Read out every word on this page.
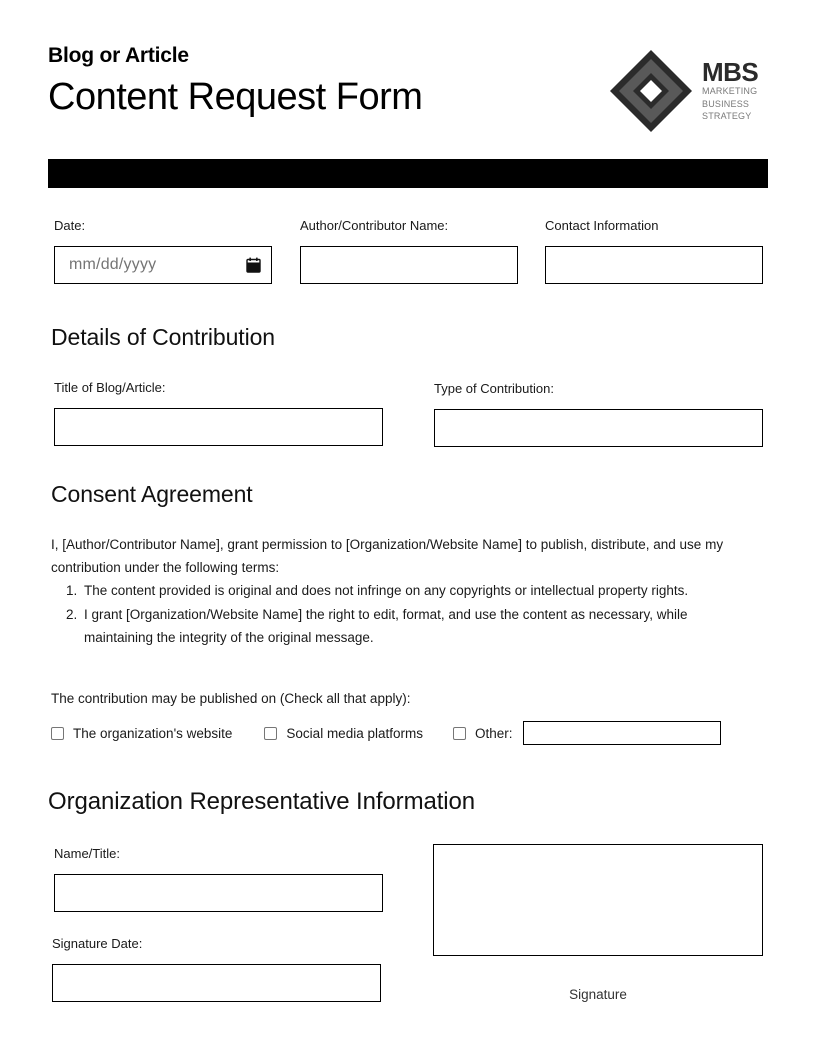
Blog or Article
Content Request Form
MBS
MARKETING
BUSINESS
STRATEGY
Date:
mm/dd/yyyy
Author/Contributor Name:	Contact Information
Details of Contribution
Title of Blog/Article:	Type of Contribution:
Consent Agreement

I, [Author/Contributor Name], grant permission to [Organization/Website Name] to publish, distribute, and use my contribution under the following terms:

1. The content provided is original and does not infringe on any copyrights or intellectual property rights.
2. I grant [Organization/Website Name] the right to edit, format, and use the content as necessary, while maintaining the integrity of the original message.
The contribution may be published on (Check all that apply):
The organization's website	Social media platforms	Other:
Organization Representative Information
Name/Title:
Signature Date:
Signature
